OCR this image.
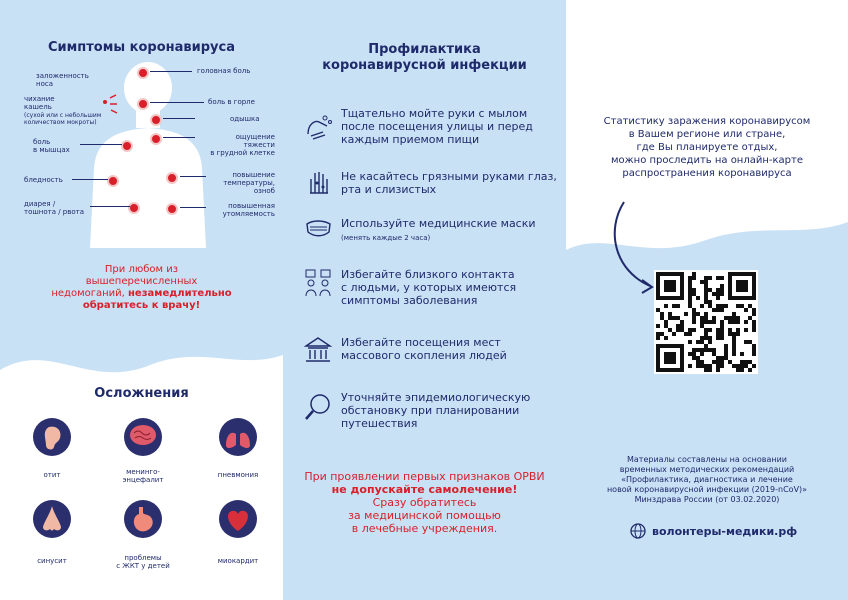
Симптомы коронавируса
заложенность
носа
головная боль
чихание
кашель
(сухой или с небольшим
количеством мокроты)
боль в горле
одышка
боль
в мышцах
ощущение
тяжести
в грудной клетке
бледность
повышение
температуры,
озноб
диарея /
тошнота / рвота
повышенная
утомляемость
При любом из
вышеперечисленных
недомоганий, незамедлительно
обратитесь к врачу!
Осложнения
отит	менинго-
энцефалит
пневмония
синусит	проблемы
с ЖКТ у детей
миокардит
Профилактика
коронавирусной инфекции
Тщательно мойте руки с мылом
после посещения улицы и перед
каждым приемом пищи
Не касайтесь грязными руками глаз,
рта и слизистых
Используйте медицинские маски
(менять каждые 2 часа)
Избегайте близкого контакта
с людьми, у которых имеются
симптомы заболевания
Избегайте посещения мест
массового скопления людей
Уточняйте эпидемиологическую
обстановку при планировании
путешествия
При проявлении первых признаков ОРВИ
не допускайте самолечение!
Сразу обратитесь
за медицинской помощью
в лечебные учреждения.
Статистику заражения коронавирусом
в Вашем регионе или стране,
где Вы планируете отдых,
можно проследить на онлайн-карте
распространения коронавируса
Материалы составлены на основании
временных методических рекомендаций
«Профилактика, диагностика и лечение
новой коронавирусной инфекции (2019-nCoV)»
Минздрава России (от 03.02.2020)
волонтеры-медики.рф
